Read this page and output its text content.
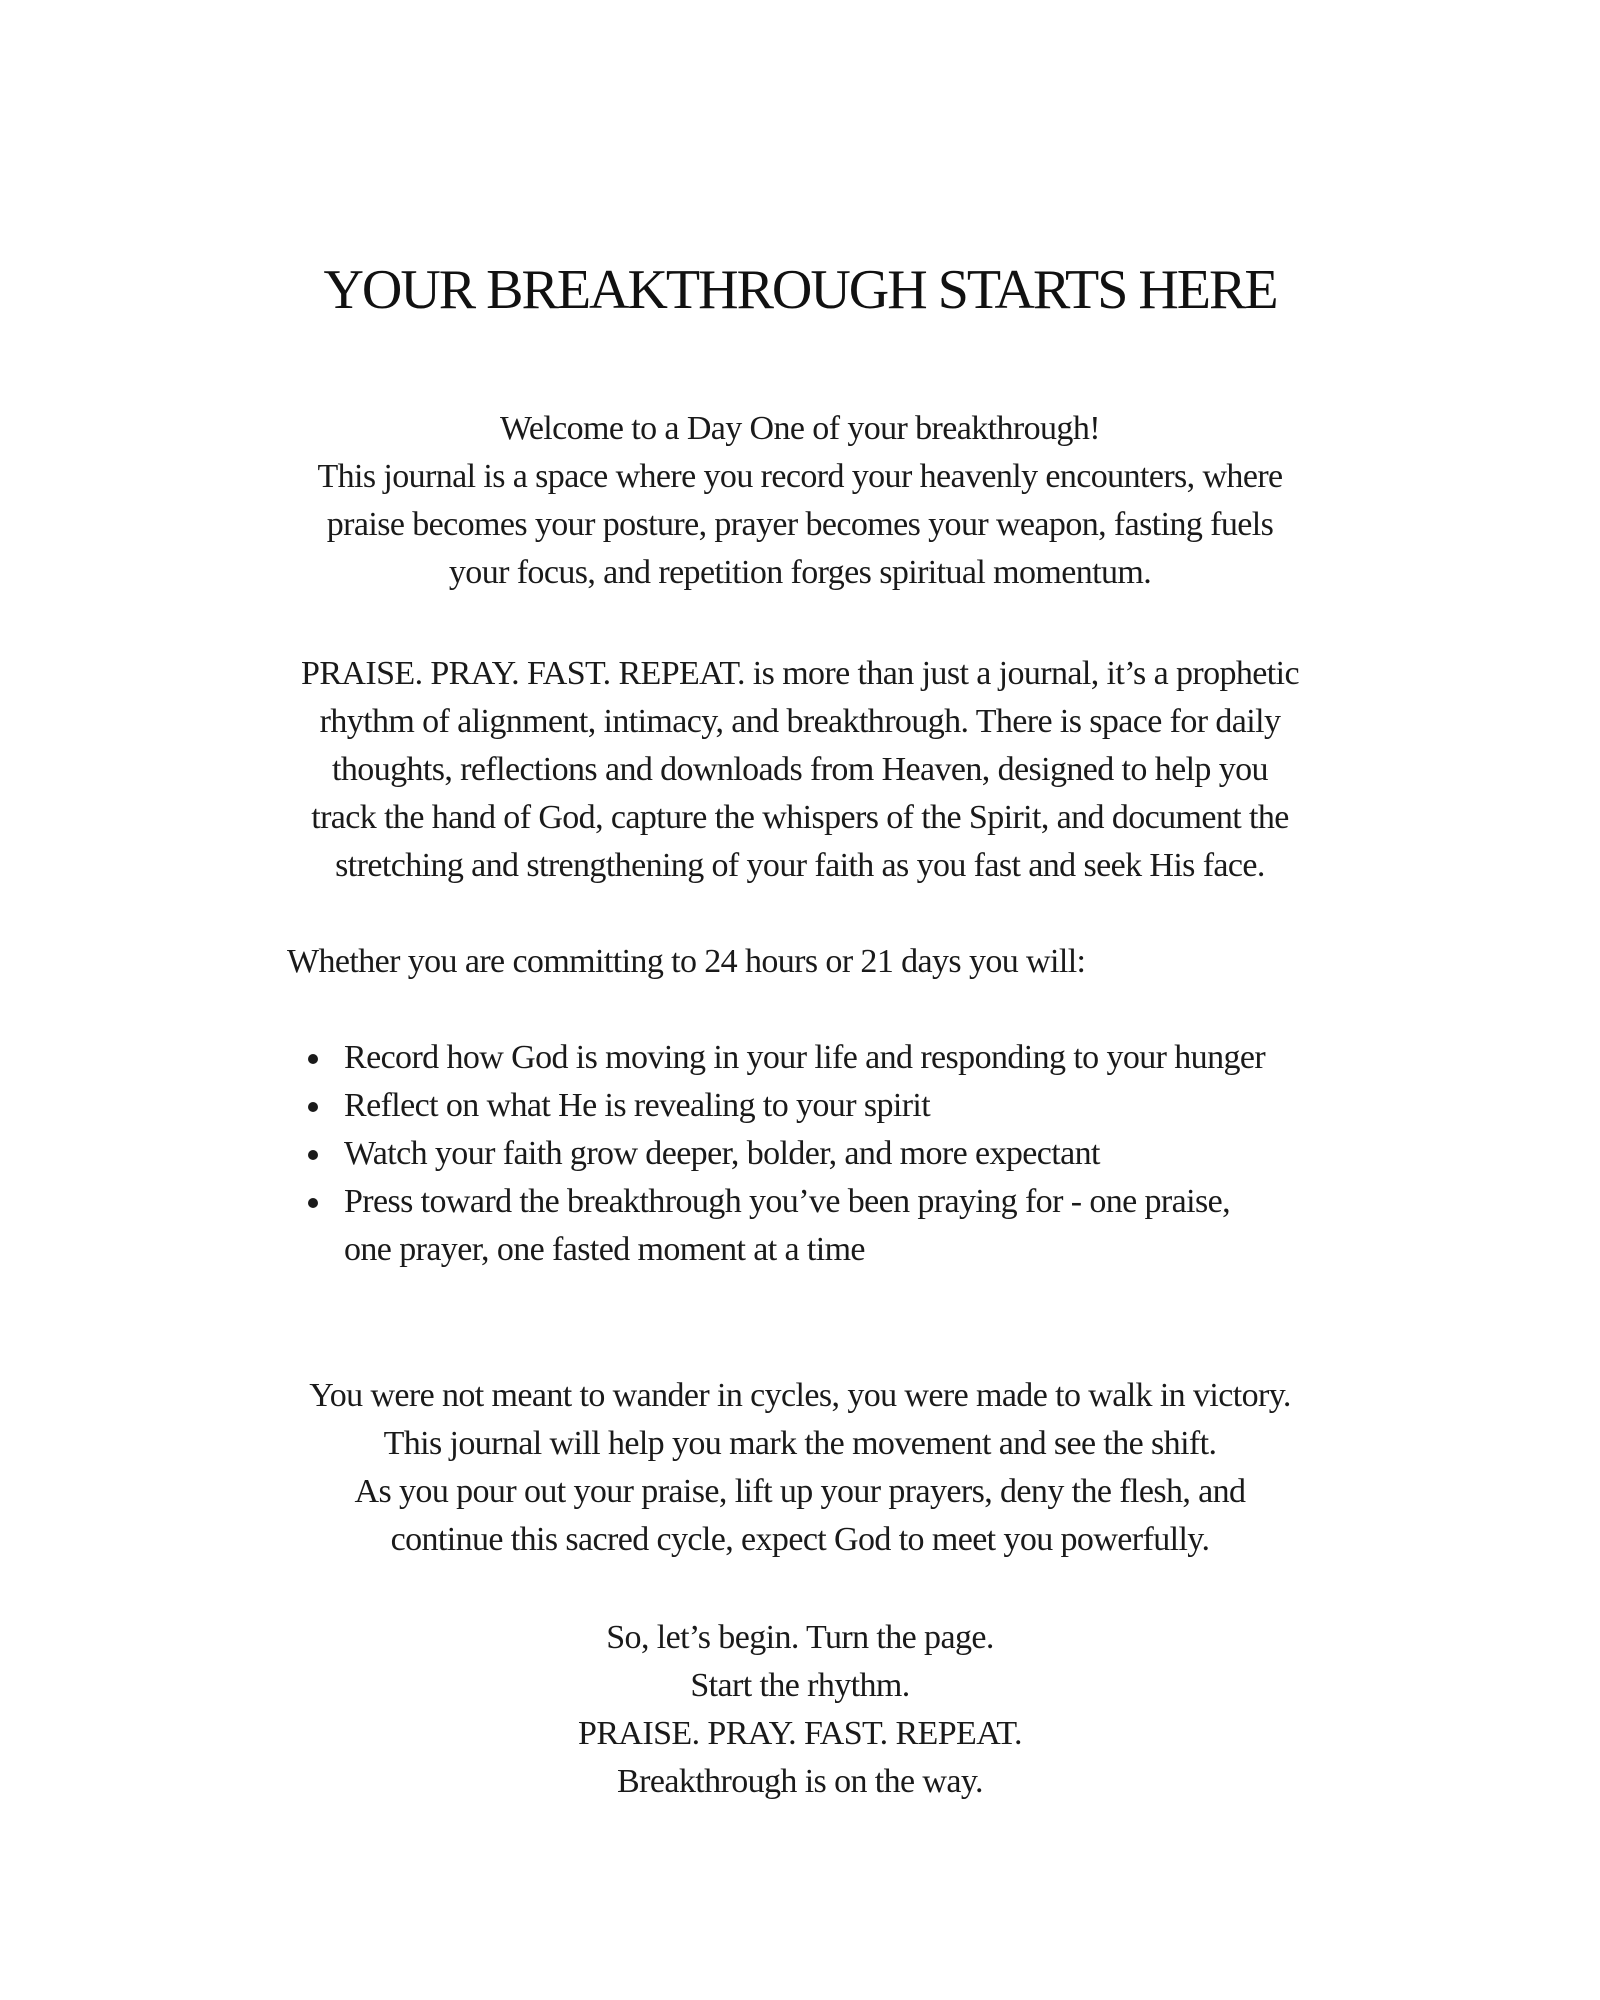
YOUR BREAKTHROUGH STARTS HERE
Welcome to a Day One of your breakthrough!
This journal is a space where you record your heavenly encounters, where
praise becomes your posture, prayer becomes your weapon, fasting fuels
your focus, and repetition forges spiritual momentum.
PRAISE. PRAY. FAST. REPEAT. is more than just a journal, it’s a prophetic
rhythm of alignment, intimacy, and breakthrough. There is space for daily
thoughts, reflections and downloads from Heaven, designed to help you
track the hand of God, capture the whispers of the Spirit, and document the
stretching and strengthening of your faith as you fast and seek His face.
Whether you are committing to 24 hours or 21 days you will:
Record how God is moving in your life and responding to your hunger
Reflect on what He is revealing to your spirit
Watch your faith grow deeper, bolder, and more expectant
Press toward the breakthrough you’ve been praying for - one praise,
one prayer, one fasted moment at a time
You were not meant to wander in cycles, you were made to walk in victory.
This journal will help you mark the movement and see the shift.
As you pour out your praise, lift up your prayers, deny the flesh, and
continue this sacred cycle, expect God to meet you powerfully.
So, let’s begin. Turn the page.
Start the rhythm.
PRAISE. PRAY. FAST. REPEAT.
Breakthrough is on the way.
